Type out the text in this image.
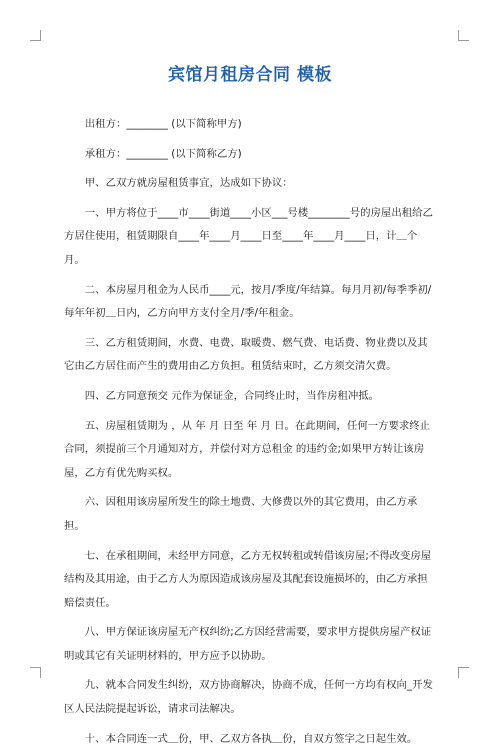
宾馆月租房合同 模板

出租方：________ (以下简称甲方)

承租方：________ (以下简称乙方)

甲、乙双方就房屋租赁事宜，达成如下协议：

一、甲方将位于____市____街道____小区___号楼________号的房屋出租给乙方居住使用，租赁期限自____年____月____日至____年____月____日，计＿个月。

二、本房屋月租金为人民币____元，按月/季度/年结算。每月月初/每季季初/每年年初＿日内，乙方向甲方支付全月/季/年租金。

三、乙方租赁期间，水费、电费、取暖费、燃气费、电话费、物业费以及其它由乙方居住而产生的费用由乙方负担。租赁结束时，乙方须交清欠费。

四、乙方同意预交 元作为保证金，合同终止时，当作房租冲抵。

五、房屋租赁期为 ，从 年 月 日至 年 月 日。在此期间，任何一方要求终止合同，须提前三个月通知对方，并偿付对方总租金 的违约金;如果甲方转让该房屋，乙方有优先购买权。

六、因租用该房屋所发生的除土地费、大修费以外的其它费用，由乙方承担。

七、在承租期间，未经甲方同意，乙方无权转租或转借该房屋;不得改变房屋结构及其用途，由于乙方人为原因造成该房屋及其配套设施损坏的，由乙方承担赔偿责任。

八、甲方保证该房屋无产权纠纷;乙方因经营需要，要求甲方提供房屋产权证明或其它有关证明材料的，甲方应予以协助。

九、就本合同发生纠纷，双方协商解决，协商不成，任何一方均有权向_开发区人民法院提起诉讼，请求司法解决。

十、本合同连一式＿份，甲、乙双方各执＿份，自双方签字之日起生效。
